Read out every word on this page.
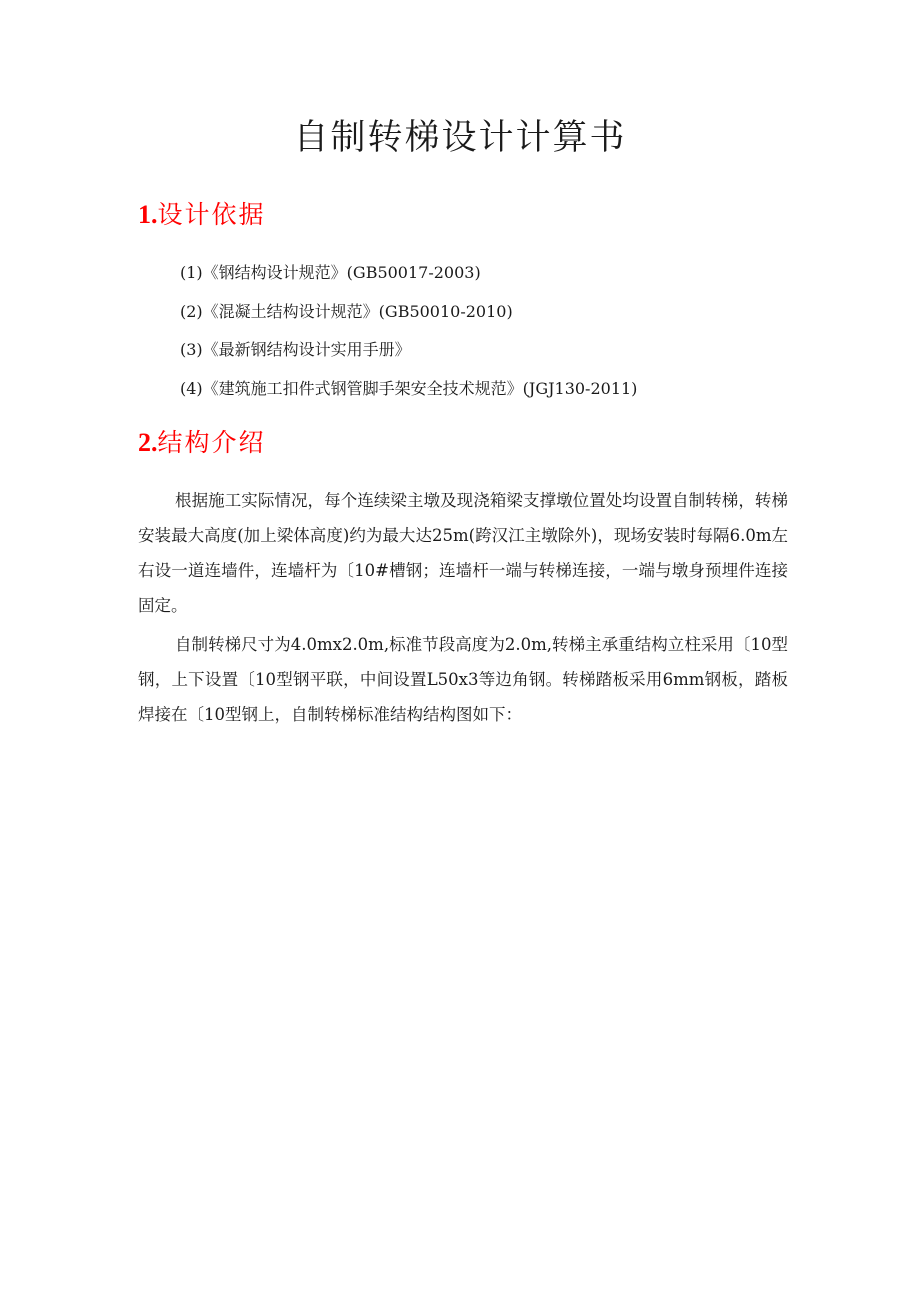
自制转梯设计计算书
1.设计依据
(1)《钢结构设计规范》(GB50017-2003)
(2)《混凝土结构设计规范》(GB50010-2010)
(3)《最新钢结构设计实用手册》
(4)《建筑施工扣件式钢管脚手架安全技术规范》(JGJ130-2011)
2.结构介绍

根据施工实际情况，每个连续梁主墩及现浇箱梁支撑墩位置处均设置自制转梯，转梯安装最大高度(加上梁体高度)约为最大达25m(跨汉江主墩除外)，现场安装时每隔6.0m左右设一道连墙件，连墙杆为〔10#槽钢；连墙杆一端与转梯连接，一端与墩身预埋件连接固定。

自制转梯尺寸为4.0mx2.0m,标准节段高度为2.0m,转梯主承重结构立柱采用〔10型钢，上下设置〔10型钢平联，中间设置L50x3等边角钢。转梯踏板采用6mm钢板，踏板焊接在〔10型钢上，自制转梯标准结构结构图如下：
